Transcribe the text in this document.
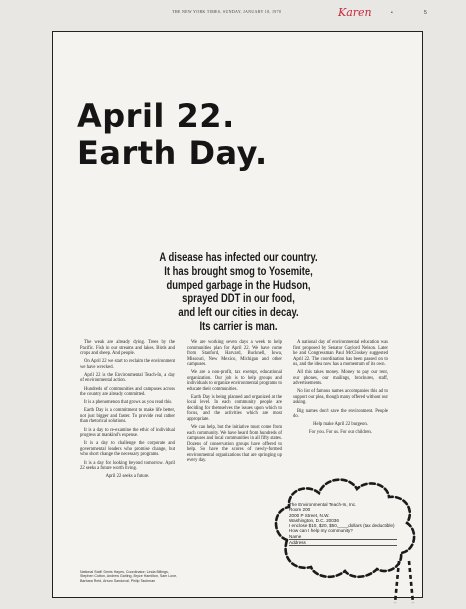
THE NEW YORK TIMES, SUNDAY, JANUARY 18, 1970	Karen	•	5
April 22.
Earth Day.
A disease has infected our country.
It has brought smog to Yosemite,
dumped garbage in the Hudson,
sprayed DDT in our food,
and left our cities in decay.
Its carrier is man.

The weak are already dying. Trees by the Pacific. Fish in our streams and lakes. Birds and crops and sheep. And people.

On April 22 we start to reclaim the environment we have wrecked.

April 22 is the Environmental Teach-In, a day of environmental action.

Hundreds of communities and campuses across the country are already committed.

It is a phenomenon that grows as you read this.

Earth Day is a commitment to make life better, not just bigger and faster. To provide real rather than rhetorical solutions.

It is a day to re-examine the ethic of individual progress at mankind's expense.

It is a day to challenge the corporate and governmental leaders who promise change, but who short change the necessary programs.

It is a day for looking beyond tomorrow. April 22 seeks a future worth living.

April 22 seeks a future.

We are working seven days a week to help communities plan for April 22. We have come from Stanford, Harvard, Bucknell, Iowa, Missouri, New Mexico, Michigan and other campuses.

We are a non-profit, tax exempt, educational organization. Our job is to help groups and individuals to organize environmental programs to educate their communities.

Earth Day is being planned and organized at the local level. In each community people are deciding for themselves the issues upon which to focus, and the activities which are most appropriate.

We can help, but the initiative must come from each community. We have heard from hundreds of campuses and local communities in all fifty states. Dozens of conservation groups have offered to help. So have the scores of newly-formed environmental organizations that are springing up every day.

A national day of environmental education was first proposed by Senator Gaylord Nelson. Later he and Congressman Paul McCloskey suggested April 22. The coordination has been passed on to us, and the idea now has a momentum of its own.

All this takes money. Money to pay our rent, our phones, our mailings, brochures, staff, advertisements.

No list of famous names accompanies this ad to support our plea, though many offered without our asking.

Big names don't save the environment. People do.

Help make April 22 burgeon.

For you. For us. For our children.

National Staff: Denis Hayes, Coordinator; Linda Billings,
Stephen Cotton, Andrew Garling, Bryce Hamilton, Sam Love,
Barbara Reid, Arturo Sandoval, Philip Taubman
The Environmental Teach-In, Inc.
Room 200
2000 P Street, N.W.
Washington, D.C. 20036
I enclose $10, $20, $50,____dollars (tax deductible)
How can I help my community?
Name
Address
